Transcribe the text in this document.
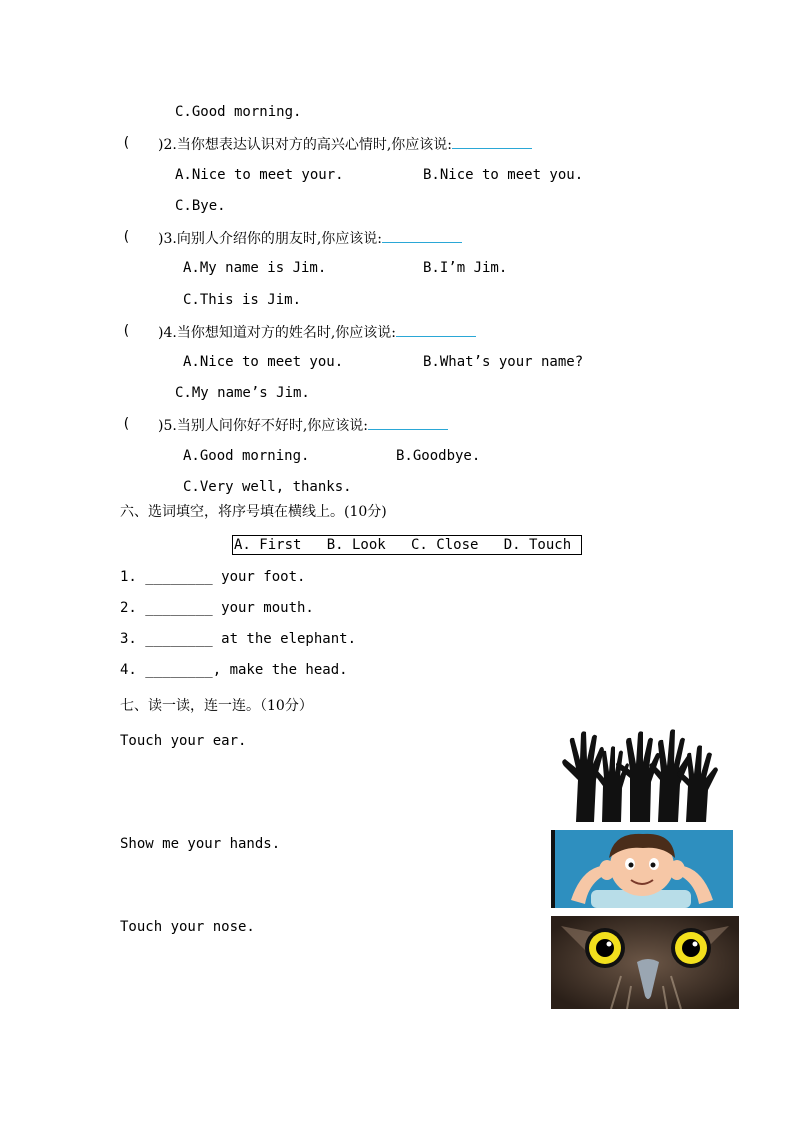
C.Good morning.
( )2.当你想表达认识对方的高兴心情时,你应该说:
A.Nice to meet your.	B.Nice to meet you.
C.Bye.
( )3.向别人介绍你的朋友时,你应该说:
A.My name is Jim.	B.I’m Jim.
C.This is Jim.
( )4.当你想知道对方的姓名时,你应该说:
A.Nice to meet you.	B.What’s your name?
C.My name’s Jim.
( )5.当别人问你好不好时,你应该说:
A.Good morning.	B.Goodbye.
C.Very well, thanks.
六、选词填空，将序号填在横线上。(10分)
A. First   B. Look   C. Close   D. Touch
1. ________ your foot.
2. ________ your mouth.
3. ________ at the elephant.
4. ________, make the head.
七、读一读，连一连。（10分）
Touch your ear.
Show me your hands.
Touch your nose.
